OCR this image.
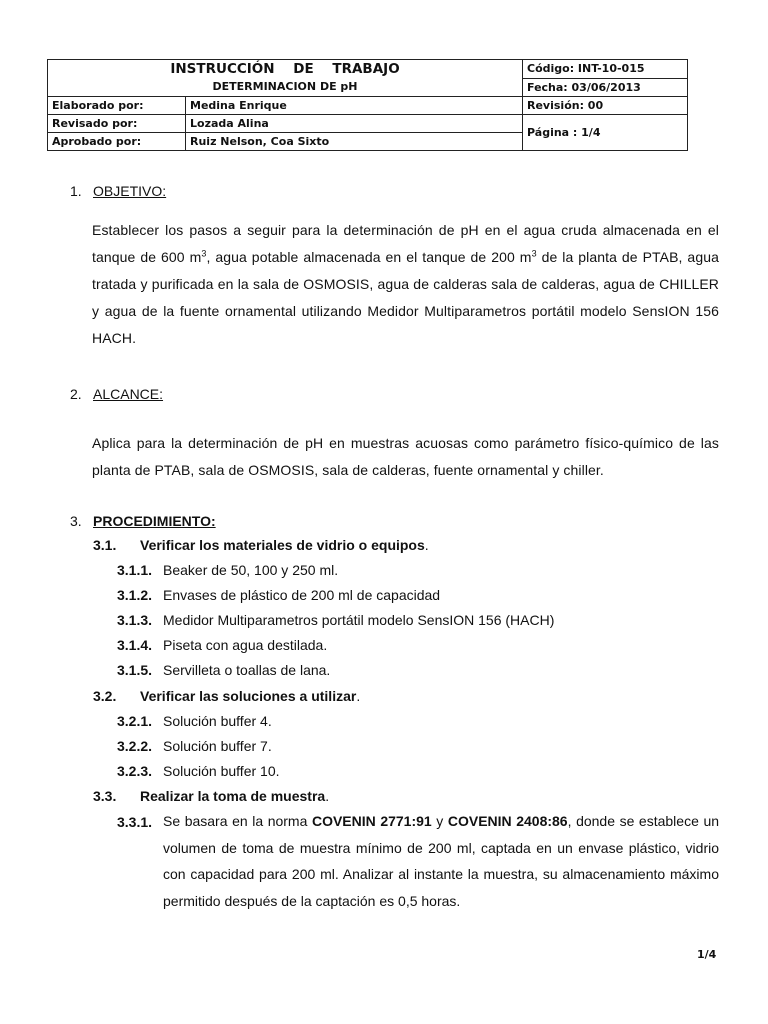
INSTRUCCIÓN DE TRABAJO		Código: INT-10-015
DETERMINACION DE pH		Fecha: 03/06/2013
Elaborado por:	Medina Enrique	Revisión: 00
Revisado por:	Lozada Alina	Página : 1/4
Aprobado por:	Ruiz Nelson, Coa Sixto	
1. OBJETIVO:
Establecer los pasos a seguir para la determinación de pH en el agua cruda almacenada en el tanque de 600 $m^3$, agua potable almacenada en el tanque de 200 $m^3$ de la planta de PTAB, agua tratada y purificada en la sala de OSMOSIS, agua de calderas sala de calderas, agua de CHILLER y agua de la fuente ornamental utilizando Medidor Multiparametros portátil modelo SensION 156 HACH.
2. ALCANCE:
Aplica para la determinación de pH en muestras acuosas como parámetro físico-químico de las planta de PTAB, sala de OSMOSIS, sala de calderas, fuente ornamental y chiller.
3. PROCEDIMIENTO:
3.1. Verificar los materiales de vidrio o equipos.
3.1.1. Beaker de 50, 100 y 250 ml.
3.1.2. Envases de plástico de 200 ml de capacidad
3.1.3. Medidor Multiparametros portátil modelo SensION 156 (HACH)
3.1.4. Piseta con agua destilada.
3.1.5. Servilleta o toallas de lana.
3.2. Verificar las soluciones a utilizar.
3.2.1. Solución buffer 4.
3.2.2. Solución buffer 7.
3.2.3. Solución buffer 10.
3.3. Realizar la toma de muestra.
3.3.1. Se basara en la norma COVENIN 2771:91 y COVENIN 2408:86, donde se establece un volumen de toma de muestra mínimo de 200 ml, captada en un envase plástico, vidrio con capacidad para 200 ml. Analizar al instante la muestra, su almacenamiento máximo permitido después de la captación es 0,5 horas.
1/4
